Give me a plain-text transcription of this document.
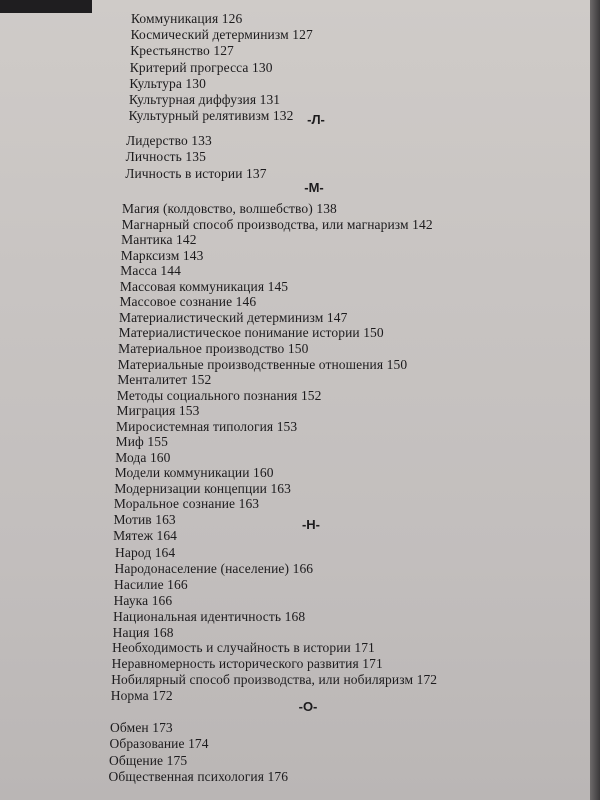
Коммуникация 126
Космический детерминизм 127
Крестьянство 127
Критерий прогресса 130
Культура 130
Культурная диффузия 131
Культурный релятивизм 132	-Л-
Лидерство 133
Личность 135
Личность в истории 137
-М-
Магия (колдовство, волшебство) 138
Магнарный способ производства, или магнаризм 142
Мантика 142
Марксизм 143
Масса 144
Массовая коммуникация 145
Массовое сознание 146
Материалистический детерминизм 147
Материалистическое понимание истории 150
Материальное производство 150
Материальные производственные отношения 150
Менталитет 152
Методы социального познания 152
Миграция 153
Миросистемная типология 153
Миф 155
Мода 160
Модели коммуникации 160
Модернизации концепции 163
Моральное сознание 163
Мотив 163
Мятеж 164
-Н-
Народ 164
Народонаселение (население) 166
Насилие 166
Наука 166
Национальная идентичность 168
Нация 168
Необходимость и случайность в истории 171
Неравномерность исторического развития 171
Нобилярный способ производства, или нобиляризм 172
Норма 172
-О-
Обмен 173
Образование 174
Общение 175
Общественная психология 176
